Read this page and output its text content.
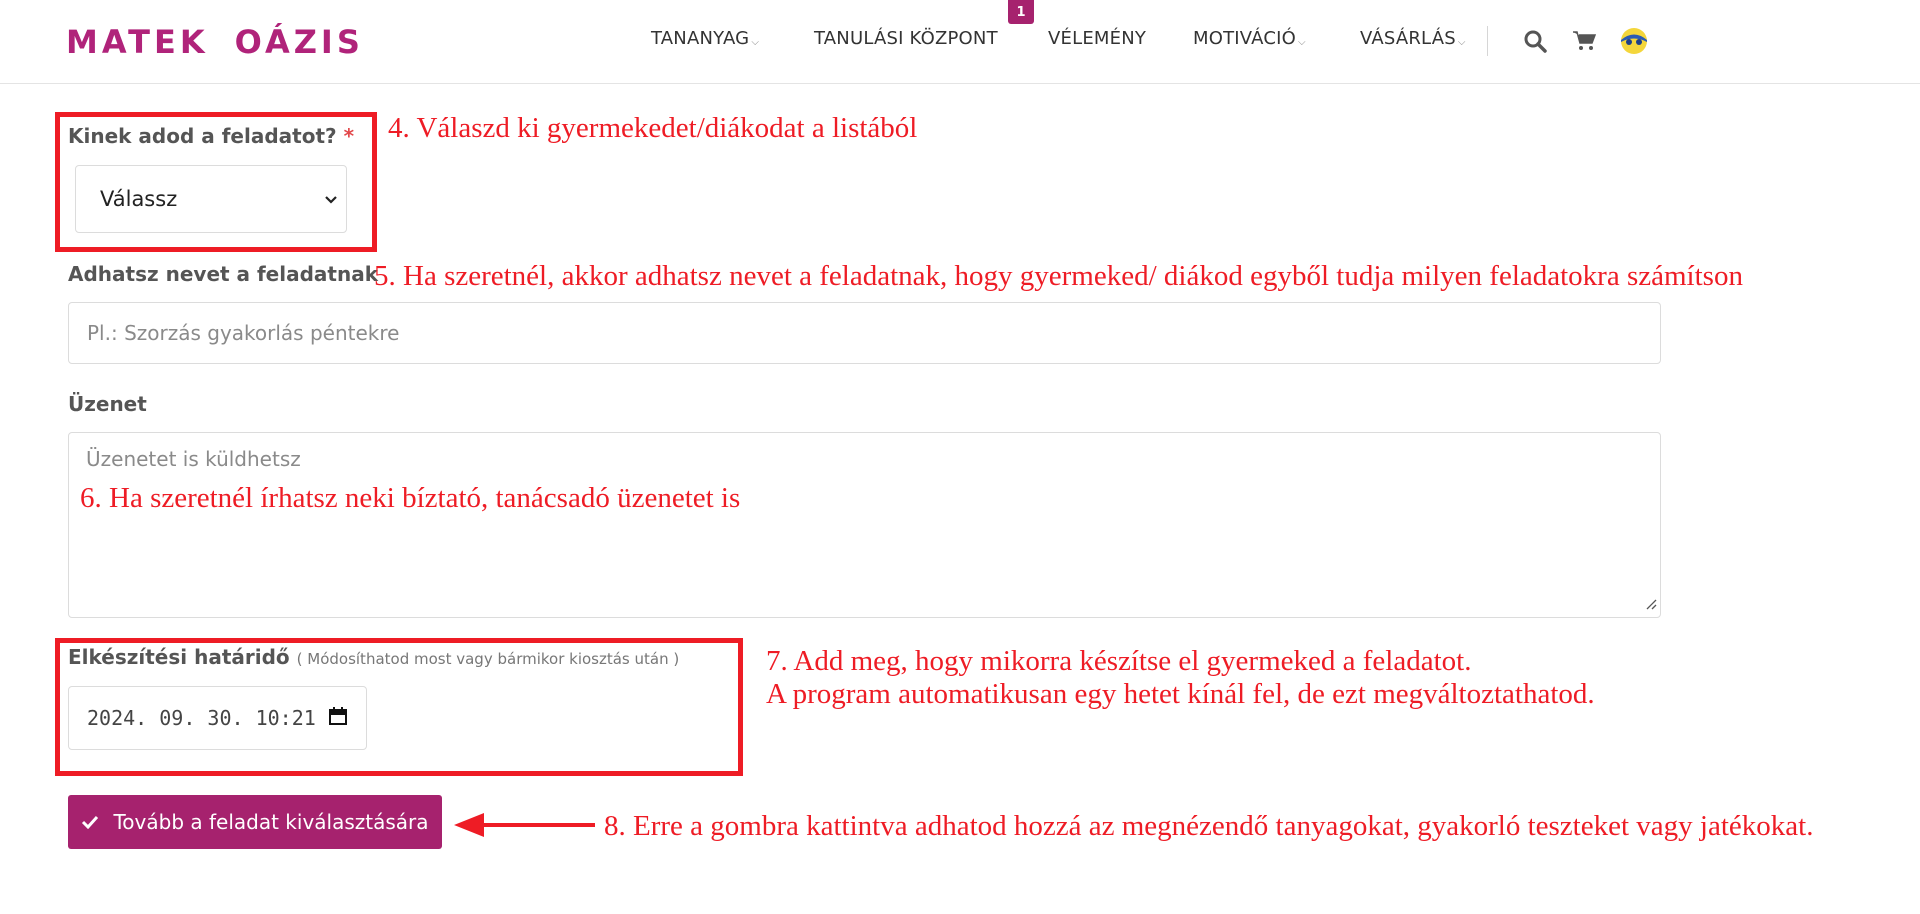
MATEK OÁZIS	TANANYAG ⌵	TANULÁSI KÖZPONT
1
VÉLEMÉNY	MOTIVÁCIÓ ⌵	VÁSÁRLÁS ⌵
Kinek adod a feladatot? *
Válassz
4. Válaszd ki gyermekedet/diákodat a listából
Adhatsz nevet a feladatnak
5. Ha szeretnél, akkor adhatsz nevet a feladatnak, hogy gyermeked/ diákod egyből tudja milyen feladatokra számítson
Pl.: Szorzás gyakorlás péntekre
Üzenet
Üzenetet is küldhetsz
6. Ha szeretnél írhatsz neki bíztató, tanácsadó üzenetet is
Elkészítési határidő ( Módosíthatod most vagy bármikor kiosztás után )
2024. 09. 30. 10:21
7. Add meg, hogy mikorra készítse el gyermeked a feladatot.
A program automatikusan egy hetet kínál fel, de ezt megváltoztathatod.
Tovább a feladat kiválasztására	8. Erre a gombra kattintva adhatod hozzá az megnézendő tanyagokat, gyakorló teszteket vagy jatékokat.
